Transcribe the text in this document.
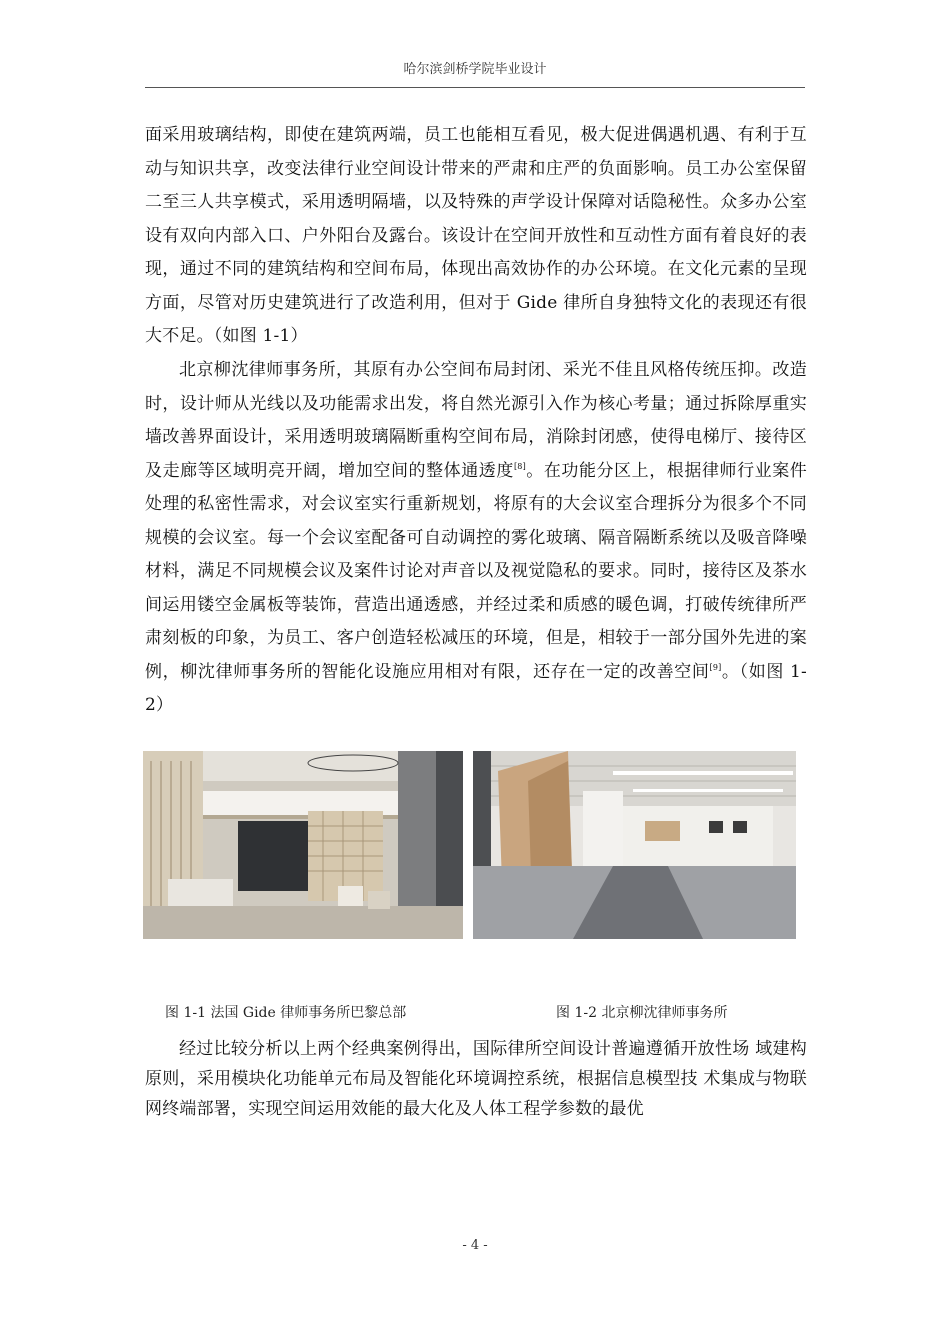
哈尔滨剑桥学院毕业设计

面采用玻璃结构，即使在建筑两端，员工也能相互看见，极大促进偶遇机遇、有利于互动与知识共享，改变法律行业空间设计带来的严肃和庄严的负面影响。员工办公室保留二至三人共享模式，采用透明隔墙，以及特殊的声学设计保障对话隐秘性。众多办公室设有双向内部入口、户外阳台及露台。该设计在空间开放性和互动性方面有着良好的表现，通过不同的建筑结构和空间布局，体现出高效协作的办公环境。在文化元素的呈现方面，尽管对历史建筑进行了改造利用，但对于 Gide 律所自身独特文化的表现还有很大不足。（如图 1-1）

北京柳沈律师事务所，其原有办公空间布局封闭、采光不佳且风格传统压抑。改造时，设计师从光线以及功能需求出发，将自然光源引入作为核心考量；通过拆除厚重实墙改善界面设计，采用透明玻璃隔断重构空间布局，消除封闭感，使得电梯厅、接待区及走廊等区域明亮开阔，增加空间的整体通透度[8]。在功能分区上，根据律师行业案件处理的私密性需求，对会议室实行重新规划，将原有的大会议室合理拆分为很多个不同规模的会议室。每一个会议室配备可自动调控的雾化玻璃、隔音隔断系统以及吸音降噪材料，满足不同规模会议及案件讨论对声音以及视觉隐私的要求。同时，接待区及茶水间运用镂空金属板等装饰，营造出通透感，并经过柔和质感的暖色调，打破传统律所严肃刻板的印象，为员工、客户创造轻松减压的环境，但是，相较于一部分国外先进的案例，柳沈律师事务所的智能化设施应用相对有限，还存在一定的改善空间[9]。（如图 1-2）

图 1-1 法国 Gide 律师事务所巴黎总部	图 1-2 北京柳沈律师事务所

经过比较分析以上两个经典案例得出，国际律所空间设计普遍遵循开放性场 域建构原则，采用模块化功能单元布局及智能化环境调控系统，根据信息模型技 术集成与物联网终端部署，实现空间运用效能的最大化及人体工程学参数的最优

- 4 -
